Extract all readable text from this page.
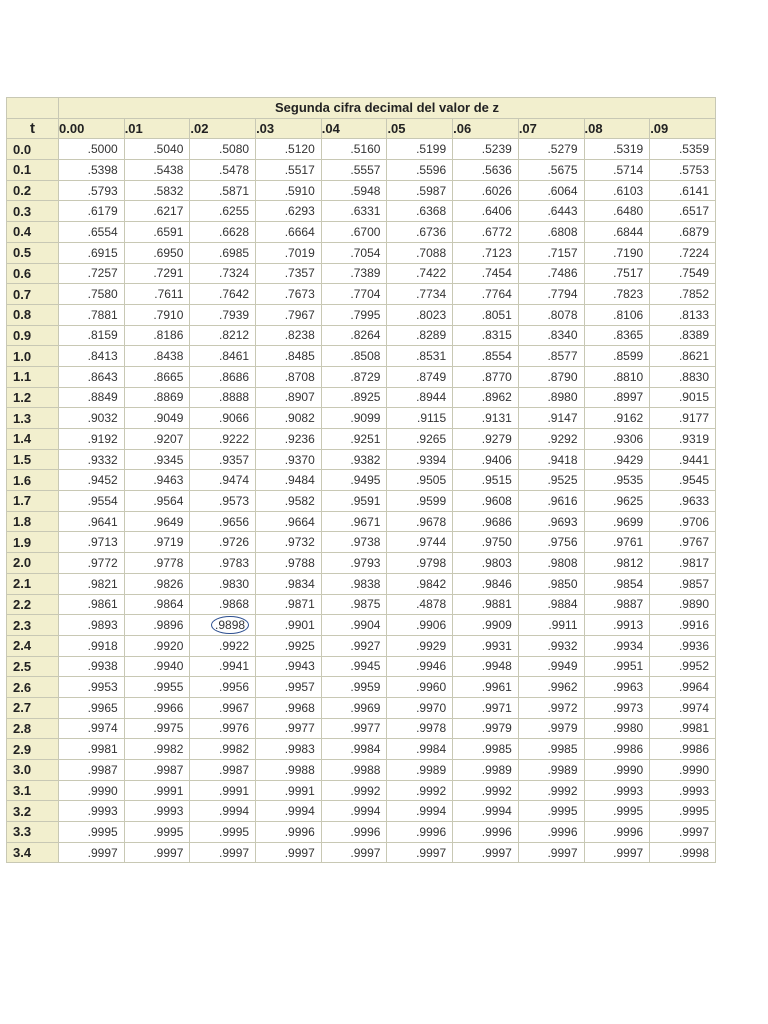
	Segunda cifra decimal del valor de z									
t	0.00	.01	.02	.03	.04	.05	.06	.07	.08	.09
0.0	.5000	.5040	.5080	.5120	.5160	.5199	.5239	.5279	.5319	.5359
0.1	.5398	.5438	.5478	.5517	.5557	.5596	.5636	.5675	.5714	.5753
0.2	.5793	.5832	.5871	.5910	.5948	.5987	.6026	.6064	.6103	.6141
0.3	.6179	.6217	.6255	.6293	.6331	.6368	.6406	.6443	.6480	.6517
0.4	.6554	.6591	.6628	.6664	.6700	.6736	.6772	.6808	.6844	.6879
0.5	.6915	.6950	.6985	.7019	.7054	.7088	.7123	.7157	.7190	.7224
0.6	.7257	.7291	.7324	.7357	.7389	.7422	.7454	.7486	.7517	.7549
0.7	.7580	.7611	.7642	.7673	.7704	.7734	.7764	.7794	.7823	.7852
0.8	.7881	.7910	.7939	.7967	.7995	.8023	.8051	.8078	.8106	.8133
0.9	.8159	.8186	.8212	.8238	.8264	.8289	.8315	.8340	.8365	.8389
1.0	.8413	.8438	.8461	.8485	.8508	.8531	.8554	.8577	.8599	.8621
1.1	.8643	.8665	.8686	.8708	.8729	.8749	.8770	.8790	.8810	.8830
1.2	.8849	.8869	.8888	.8907	.8925	.8944	.8962	.8980	.8997	.9015
1.3	.9032	.9049	.9066	.9082	.9099	.9115	.9131	.9147	.9162	.9177
1.4	.9192	.9207	.9222	.9236	.9251	.9265	.9279	.9292	.9306	.9319
1.5	.9332	.9345	.9357	.9370	.9382	.9394	.9406	.9418	.9429	.9441
1.6	.9452	.9463	.9474	.9484	.9495	.9505	.9515	.9525	.9535	.9545
1.7	.9554	.9564	.9573	.9582	.9591	.9599	.9608	.9616	.9625	.9633
1.8	.9641	.9649	.9656	.9664	.9671	.9678	.9686	.9693	.9699	.9706
1.9	.9713	.9719	.9726	.9732	.9738	.9744	.9750	.9756	.9761	.9767
2.0	.9772	.9778	.9783	.9788	.9793	.9798	.9803	.9808	.9812	.9817
2.1	.9821	.9826	.9830	.9834	.9838	.9842	.9846	.9850	.9854	.9857
2.2	.9861	.9864	.9868	.9871	.9875	.4878	.9881	.9884	.9887	.9890
2.3	.9893	.9896	.9898	.9901	.9904	.9906	.9909	.9911	.9913	.9916
2.4	.9918	.9920	.9922	.9925	.9927	.9929	.9931	.9932	.9934	.9936
2.5	.9938	.9940	.9941	.9943	.9945	.9946	.9948	.9949	.9951	.9952
2.6	.9953	.9955	.9956	.9957	.9959	.9960	.9961	.9962	.9963	.9964
2.7	.9965	.9966	.9967	.9968	.9969	.9970	.9971	.9972	.9973	.9974
2.8	.9974	.9975	.9976	.9977	.9977	.9978	.9979	.9979	.9980	.9981
2.9	.9981	.9982	.9982	.9983	.9984	.9984	.9985	.9985	.9986	.9986
3.0	.9987	.9987	.9987	.9988	.9988	.9989	.9989	.9989	.9990	.9990
3.1	.9990	.9991	.9991	.9991	.9992	.9992	.9992	.9992	.9993	.9993
3.2	.9993	.9993	.9994	.9994	.9994	.9994	.9994	.9995	.9995	.9995
3.3	.9995	.9995	.9995	.9996	.9996	.9996	.9996	.9996	.9996	.9997
3.4	.9997	.9997	.9997	.9997	.9997	.9997	.9997	.9997	.9997	.9998
